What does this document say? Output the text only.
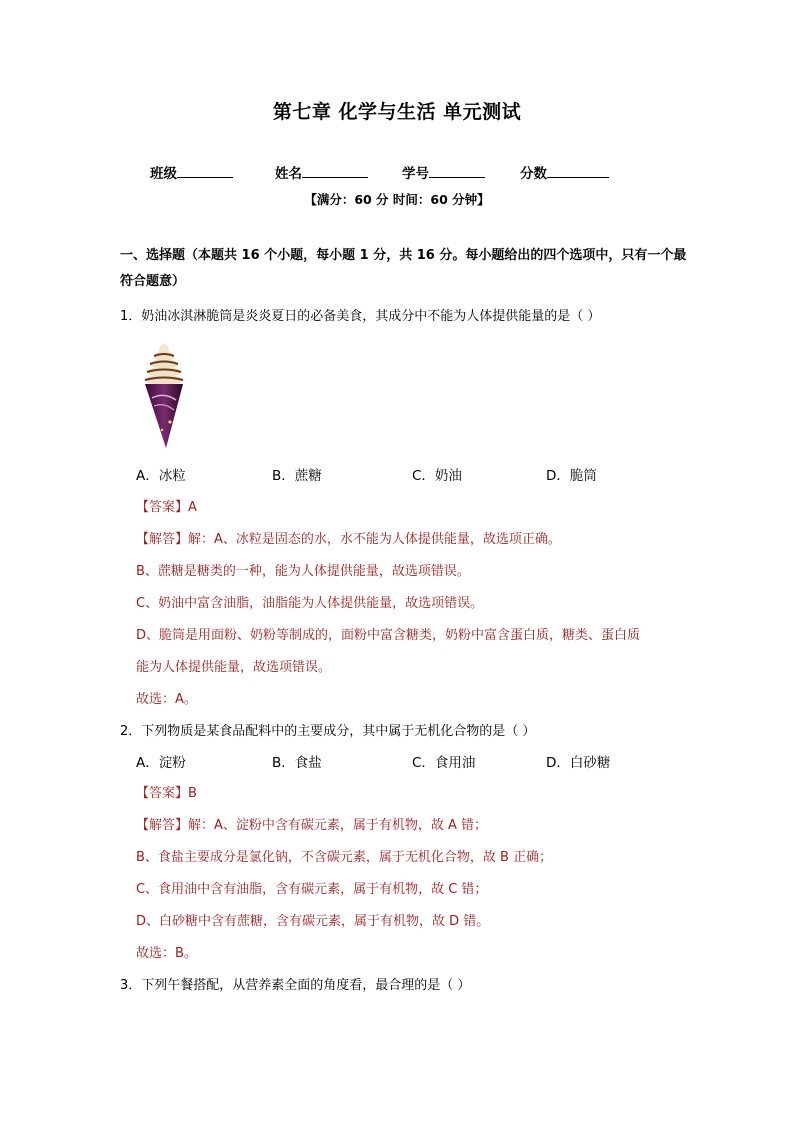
第七章 化学与生活 单元测试
班级	姓名	学号	分数
【满分：60 分 时间：60 分钟】
一、选择题（本题共 16 个小题，每小题 1 分，共 16 分。每小题给出的四个选项中，只有一个最
符合题意）
1．奶油冰淇淋脆筒是炎炎夏日的必备美食，其成分中不能为人体提供能量的是（ ）
A．冰粒	B．蔗糖	C．奶油	D．脆筒
【答案】A
【解答】解：A、冰粒是固态的水，水不能为人体提供能量，故选项正确。
B、蔗糖是糖类的一种，能为人体提供能量，故选项错误。
C、奶油中富含油脂，油脂能为人体提供能量，故选项错误。
D、脆筒是用面粉、奶粉等制成的，面粉中富含糖类，奶粉中富含蛋白质，糖类、蛋白质
能为人体提供能量，故选项错误。
故选：A。
2．下列物质是某食品配料中的主要成分，其中属于无机化合物的是（ ）
A．淀粉	B．食盐	C．食用油	D．白砂糖
【答案】B
【解答】解：A、淀粉中含有碳元素，属于有机物，故 A 错；
B、食盐主要成分是氯化钠，不含碳元素，属于无机化合物，故 B 正确；
C、食用油中含有油脂，含有碳元素，属于有机物，故 C 错；
D、白砂糖中含有蔗糖，含有碳元素，属于有机物，故 D 错。
故选：B。
3．下列午餐搭配，从营养素全面的角度看，最合理的是（ ）
